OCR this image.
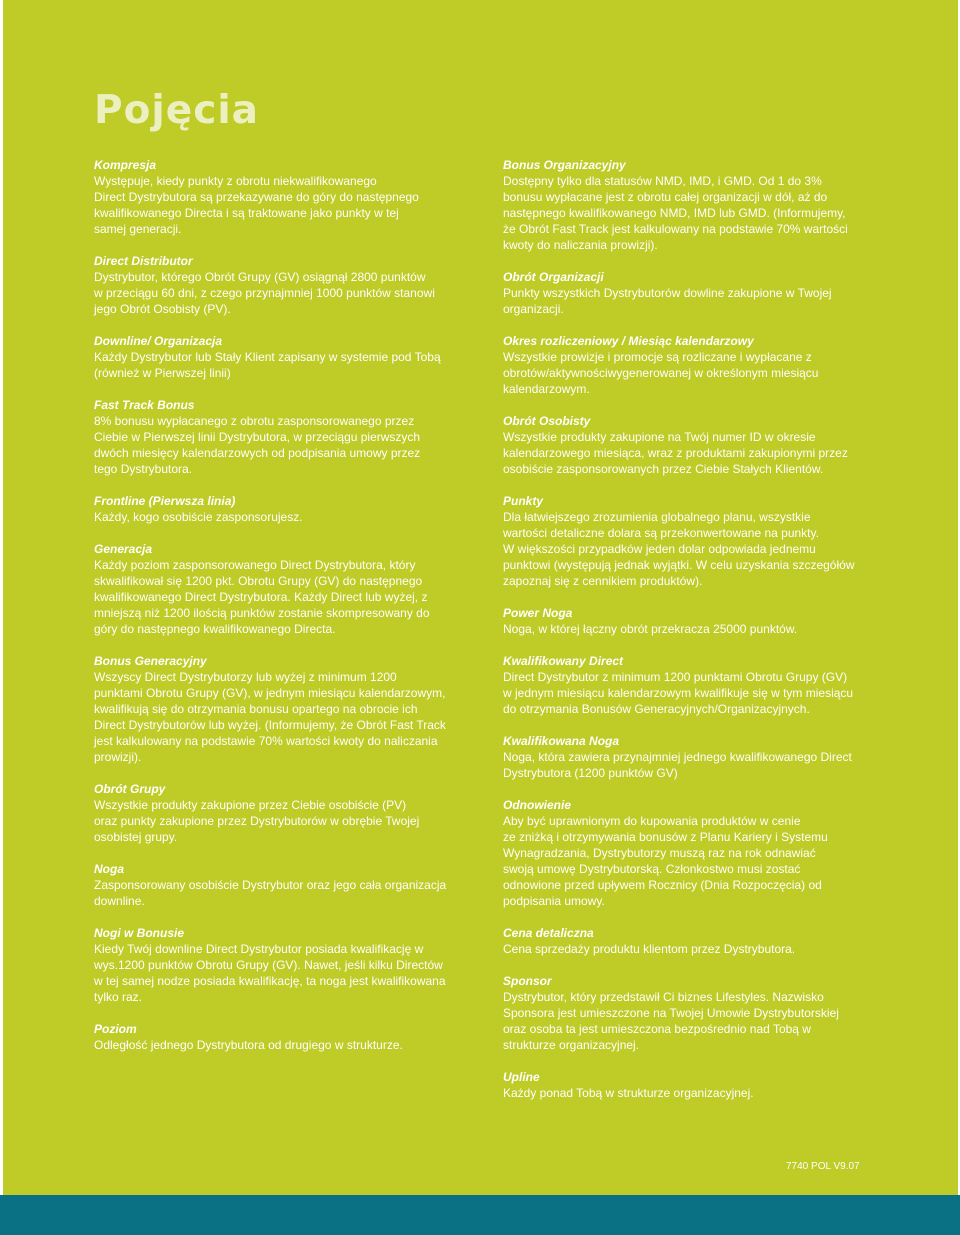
Pojęcia
Kompresja
Występuje, kiedy punkty z obrotu niekwalifikowanego
Direct Dystrybutora są przekazywane do góry do następnego
kwalifikowanego Directa i są traktowane jako punkty w tej
samej generacji.
Direct Distributor
Dystrybutor, którego Obrót Grupy (GV) osiągnął 2800 punktów
w przeciągu 60 dni, z czego przynajmniej 1000 punktów stanowi
jego Obrót Osobisty (PV).
Downline/ Organizacja
Każdy Dystrybutor lub Stały Klient zapisany w systemie pod Tobą
(również w Pierwszej linii)
Fast Track Bonus
8% bonusu wypłacanego z obrotu zasponsorowanego przez
Ciebie w Pierwszej linii Dystrybutora, w przeciągu pierwszych
dwóch miesięcy kalendarzowych od podpisania umowy przez
tego Dystrybutora.
Frontline (Pierwsza linia)
Każdy, kogo osobiście zasponsorujesz.
Generacja
Każdy poziom zasponsorowanego Direct Dystrybutora, który
skwalifikował się 1200 pkt. Obrotu Grupy (GV) do następnego
kwalifikowanego Direct Dystrybutora. Każdy Direct lub wyżej, z
mniejszą niż 1200 ilością punktów zostanie skompresowany do
góry do następnego kwalifikowanego Directa.
Bonus Generacyjny
Wszyscy Direct Dystrybutorzy lub wyżej z minimum 1200
punktami Obrotu Grupy (GV), w jednym miesiącu kalendarzowym,
kwalifikują się do otrzymania bonusu opartego na obrocie ich
Direct Dystrybutorów lub wyżej. (Informujemy, że Obrót Fast Track
jest kalkulowany na podstawie 70% wartości kwoty do naliczania
prowizji).
Obrót Grupy
Wszystkie produkty zakupione przez Ciebie osobiście (PV)
oraz punkty zakupione przez Dystrybutorów w obrębie Twojej
osobistej grupy.
Noga
Zasponsorowany osobiście Dystrybutor oraz jego cała organizacja
downline.
Nogi w Bonusie
Kiedy Twój downline Direct Dystrybutor posiada kwalifikację w
wys.1200 punktów Obrotu Grupy (GV). Nawet, jeśli kilku Directów
w tej samej nodze posiada kwalifikację, ta noga jest kwalifikowana
tylko raz.
Poziom
Odległość jednego Dystrybutora od drugiego w strukturze.
Bonus Organizacyjny
Dostępny tylko dla statusów NMD, IMD, i GMD. Od 1 do 3%
bonusu wypłacane jest z obrotu całej organizacji w dół, aż do
następnego kwalifikowanego NMD, IMD lub GMD. (Informujemy,
że Obrót Fast Track jest kalkulowany na podstawie 70% wartości
kwoty do naliczania prowizji).
Obrót Organizacji
Punkty wszystkich Dystrybutorów dowline zakupione w Twojej
organizacji.
Okres rozliczeniowy / Miesiąc kalendarzowy
Wszystkie prowizje i promocje są rozliczane i wypłacane z
obrotów/aktywnościwygenerowanej w określonym miesiącu
kalendarzowym.
Obrót Osobisty
Wszystkie produkty zakupione na Twój numer ID w okresie
kalendarzowego miesiąca, wraz z produktami zakupionymi przez
osobiście zasponsorowanych przez Ciebie Stałych Klientów.
Punkty
Dla łatwiejszego zrozumienia globalnego planu, wszystkie
wartości detaliczne dolara są przekonwertowane na punkty.
W większości przypadków jeden dolar odpowiada jednemu
punktowi (występują jednak wyjątki. W celu uzyskania szczegółów
zapoznaj się z cennikiem produktów).
Power Noga
Noga, w której łączny obrót przekracza 25000 punktów.
Kwalifikowany Direct
Direct Dystrybutor z minimum 1200 punktami Obrotu Grupy (GV)
w jednym miesiącu kalendarzowym kwalifikuje się w tym miesiącu
do otrzymania Bonusów Generacyjnych/Organizacyjnych.
Kwalifikowana Noga
Noga, która zawiera przynajmniej jednego kwalifikowanego Direct
Dystrybutora (1200 punktów GV)
Odnowienie
Aby być uprawnionym do kupowania produktów w cenie
ze zniżką i otrzymywania bonusów z Planu Kariery i Systemu
Wynagradzania, Dystrybutorzy muszą raz na rok odnawiać
swoją umowę Dystrybutorską. Członkostwo musi zostać
odnowione przed upływem Rocznicy (Dnia Rozpoczęcia) od
podpisania umowy.
Cena detaliczna
Cena sprzedaży produktu klientom przez Dystrybutora.
Sponsor
Dystrybutor, który przedstawił Ci biznes Lifestyles. Nazwisko
Sponsora jest umieszczone na Twojej Umowie Dystrybutorskiej
oraz osoba ta jest umieszczona bezpośrednio nad Tobą w
strukturze organizacyjnej.
Upline
Każdy ponad Tobą w strukturze organizacyjnej.
7740 POL V9.07
